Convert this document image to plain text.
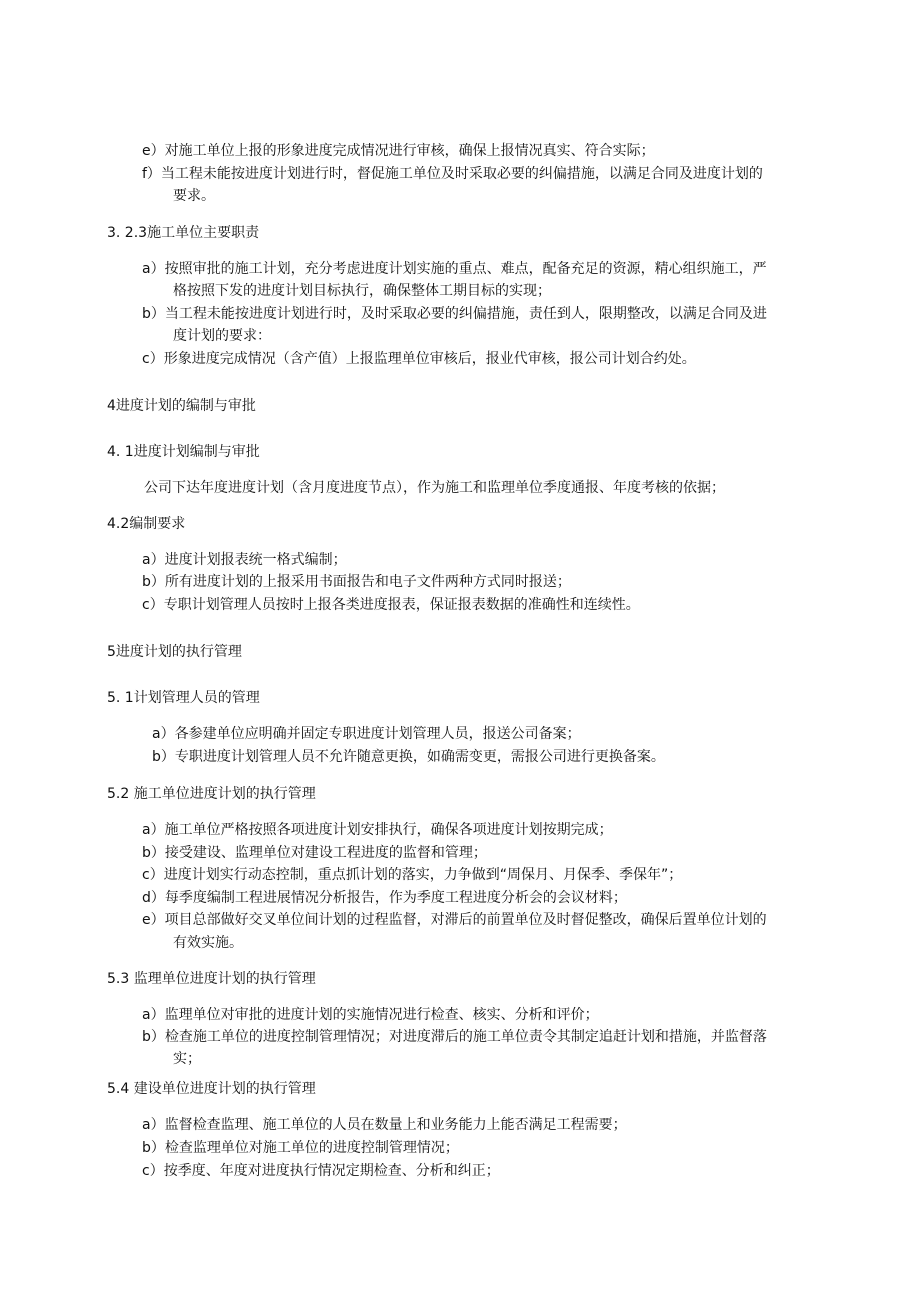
e）对施工单位上报的形象进度完成情况进行审核，确保上报情况真实、符合实际；
f）当工程未能按进度计划进行时，督促施工单位及时采取必要的纠偏措施，以满足合同及进度计划的
要求。
3. 2.3施工单位主要职责
a）按照审批的施工计划，充分考虑进度计划实施的重点、难点，配备充足的资源，精心组织施工，严
格按照下发的进度计划目标执行，确保整体工期目标的实现；
b）当工程未能按进度计划进行时，及时采取必要的纠偏措施，责任到人，限期整改，以满足合同及进
度计划的要求：
c）形象进度完成情况（含产值）上报监理单位审核后，报业代审核，报公司计划合约处。
4进度计划的编制与审批
4. 1进度计划编制与审批
公司下达年度进度计划（含月度进度节点），作为施工和监理单位季度通报、年度考核的依据；
4.2编制要求
a）进度计划报表统一格式编制；
b）所有进度计划的上报采用书面报告和电子文件两种方式同时报送；
c）专职计划管理人员按时上报各类进度报表，保证报表数据的准确性和连续性。
5进度计划的执行管理
5. 1计划管理人员的管理
a）各参建单位应明确并固定专职进度计划管理人员，报送公司备案；
b）专职进度计划管理人员不允许随意更换，如确需变更，需报公司进行更换备案。
5.2 施工单位进度计划的执行管理
a）施工单位严格按照各项进度计划安排执行，确保各项进度计划按期完成；
b）接受建设、监理单位对建设工程进度的监督和管理；
c）进度计划实行动态控制，重点抓计划的落实，力争做到“周保月、月保季、季保年”；
d）每季度编制工程进展情况分析报告，作为季度工程进度分析会的会议材料；
e）项目总部做好交叉单位间计划的过程监督，对滞后的前置单位及时督促整改，确保后置单位计划的
有效实施。
5.3 监理单位进度计划的执行管理
a）监理单位对审批的进度计划的实施情况进行检查、核实、分析和评价；
b）检查施工单位的进度控制管理情况；对进度滞后的施工单位责令其制定追赶计划和措施，并监督落
实；
5.4 建设单位进度计划的执行管理
a）监督检查监理、施工单位的人员在数量上和业务能力上能否满足工程需要；
b）检查监理单位对施工单位的进度控制管理情况；
c）按季度、年度对进度执行情况定期检查、分析和纠正；
